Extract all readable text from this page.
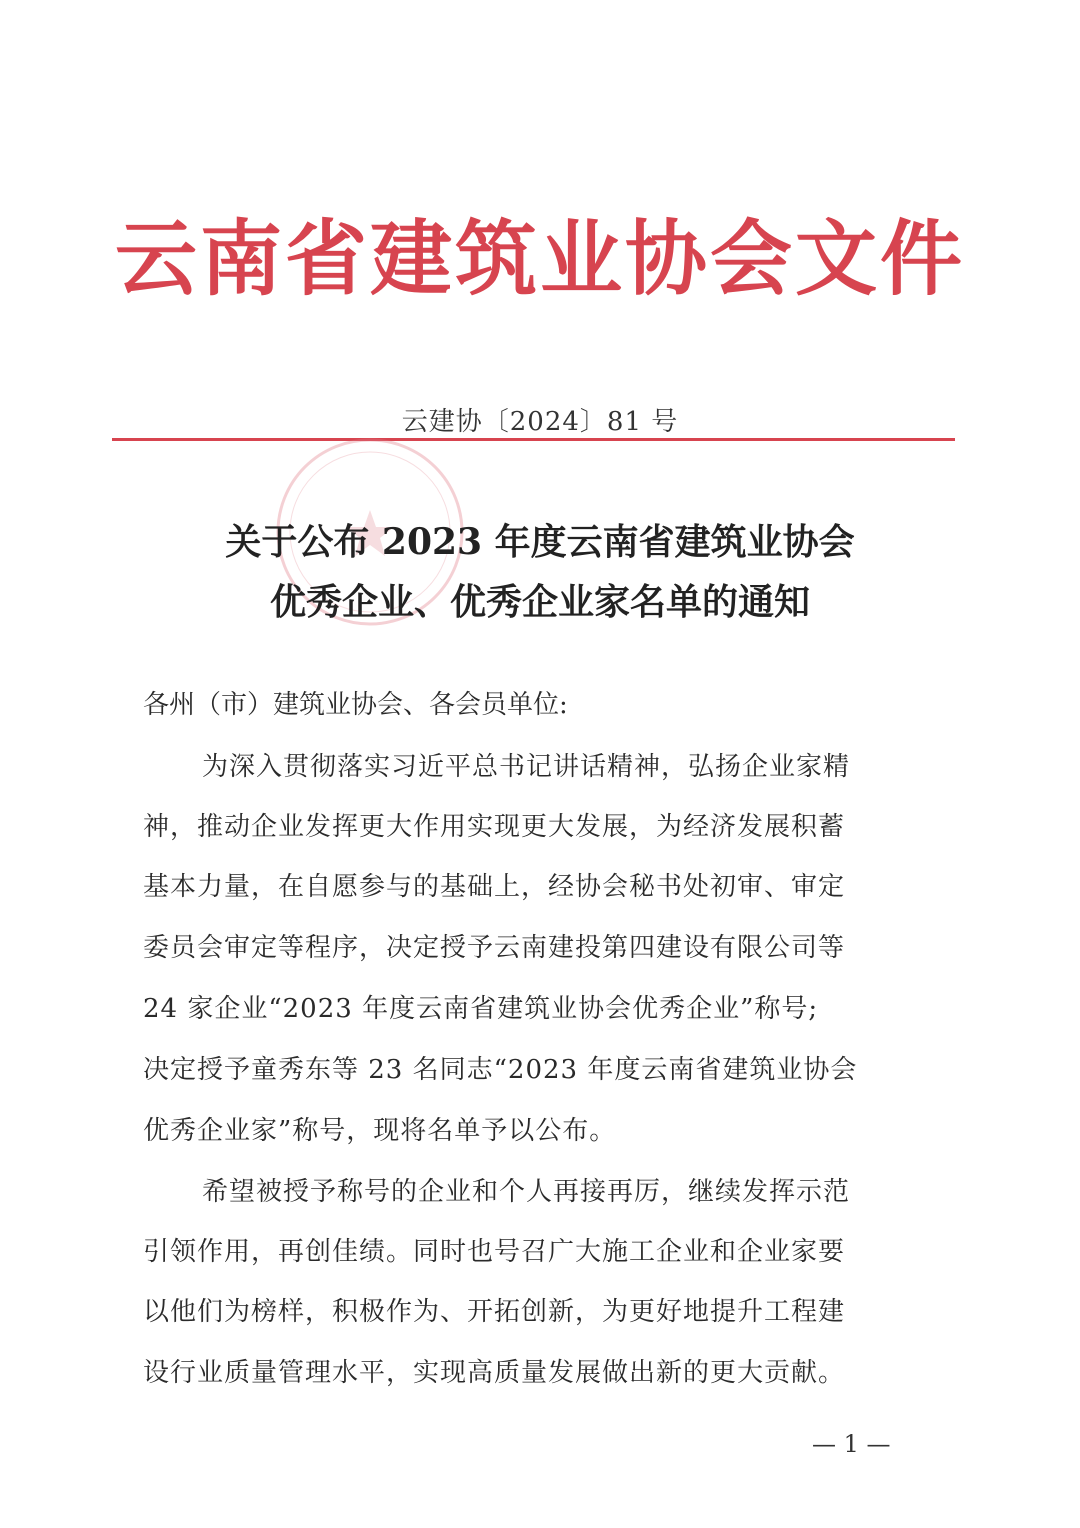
云南省建筑业协会文件
云建协〔2024〕81 号
关于公布 2023 年度云南省建筑业协会
优秀企业、优秀企业家名单的通知
各州（市）建筑业协会、各会员单位:
为深入贯彻落实习近平总书记讲话精神，弘扬企业家精
神，推动企业发挥更大作用实现更大发展，为经济发展积蓄
基本力量，在自愿参与的基础上，经协会秘书处初审、审定
委员会审定等程序，决定授予云南建投第四建设有限公司等
24 家企业“2023 年度云南省建筑业协会优秀企业”称号;
决定授予童秀东等 23 名同志“2023 年度云南省建筑业协会
优秀企业家”称号，现将名单予以公布。
希望被授予称号的企业和个人再接再厉，继续发挥示范
引领作用，再创佳绩。同时也号召广大施工企业和企业家要
以他们为榜样，积极作为、开拓创新，为更好地提升工程建
设行业质量管理水平，实现高质量发展做出新的更大贡献。
— 1 —
